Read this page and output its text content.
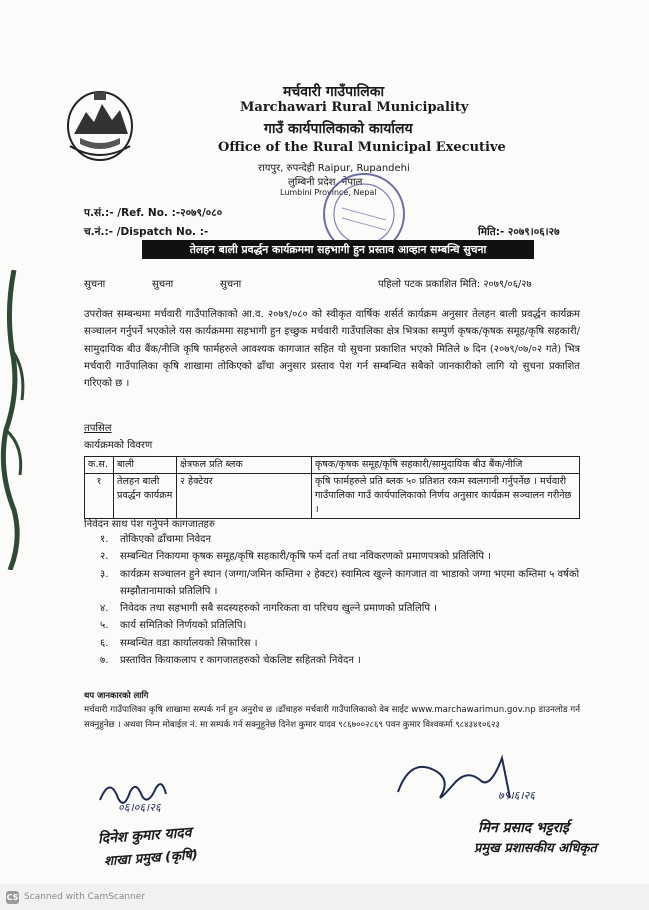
मर्चवारी गाउँपालिका
Marchawari Rural Municipality
गाउँ कार्यपालिकाको कार्यालय
Office of the Rural Municipal Executive
रायपुर, रुपन्देही Raipur, Rupandehi
लुम्बिनी प्रदेश, नेपाल
Lumbini Province, Nepal
प.सं.:- /Ref. No. :-२०७९/०८०
च.नं.:- /Dispatch No. :-	मिति:- २०७९।०६।२७
तेलहन बाली प्रवर्द्धन कार्यक्रममा सहभागी हुन प्रस्ताव आव्हान सम्बन्धि सुचना
सुचना	सुचना	सुचना	पहिलो पटक प्रकाशित मिति: २०७९/०६/२७
उपरोक्त सम्बन्धमा मर्चवारी गाउँपालिकाको आ.व. २०७९/०८० को स्वीकृत वार्षिक शर्सर्त कार्यक्रम अनुसार तेलहन बाली प्रवर्द्धन कार्यक्रम सञ्चालन गर्नुपर्ने भएकोले यस कार्यक्रममा सहभागी हुन इच्छुक मर्चवारी गाउँपालिका क्षेत्र भित्रका सम्पुर्ण कृषक/कृषक समूह/कृषि सहकारी/सामुदायिक बीउ बैंक/नीजि कृषि फार्महरुले आवश्यक कागजात सहित यो सुचना प्रकाशित भएको मितिले ७ दिन (२०७९/०७/०२ गते) भित्र मर्चवारी गाउँपालिका कृषि शाखामा तोकिएको ढाँचा अनुसार प्रस्ताव पेश गर्न सम्बन्धित सबैको जानकारीको लागि यो सुचना प्रकाशित गरिएको छ ।
तपसिल
कार्यक्रमको विवरण
क.स.	बाली	क्षेत्रफल प्रति ब्लक	कृषक/कृषक समूह/कृषि सहकारी/सामुदायिक बीउ बैंक/नीजि
१	तेलहन बाली प्रवर्द्धन कार्यक्रम	२ हेक्टेयर	कृषि फार्महरुले प्रति ब्लक ५० प्रतिशत रकम स्वलगानी गर्नुपर्नेछ । मर्चवारी गाउँपालिका गाउँ कार्यपालिकाको निर्णय अनुसार कार्यक्रम सञ्चालन गरीनेछ ।
निवेदन साथ पेश गर्नुपर्ने कागजातहरु
१.	तोकिएको ढाँचामा निवेदन
२.	सम्बन्धित निकायमा कृषक समूह/कृषि सहकारी/कृषि फर्म दर्ता तथा नविकरणको प्रमाणपत्रको प्रतिलिपि ।
३.	कार्यक्रम सञ्चालन हुने स्थान (जग्गा/जमिन कम्तिमा २ हेक्टर) स्वामित्व खुल्ने कागजात वा भाडाको जग्गा भएमा कम्तिमा ५ वर्षको सम्झौतानामाको प्रतिलिपि ।
४.	निवेदक तथा सहभागी सबै सदस्यहरुको नागरिकता वा परिचय खुल्ने प्रमाणको प्रतिलिपि ।
५.	कार्य समितिको निर्णयको प्रतिलिपि।
६.	सम्बन्धित वडा कार्यालयको सिफारिस ।
७.	प्रस्तावित कियाकलाप र कागजातहरुको चेकलिष्ट सहितको निवेदन ।
थप जानकारको लागि
मर्चवारी गाउँपालिका कृषि शाखामा सम्पर्क गर्न हुन अनुरोध छ ।ढाँचाहरु मर्चवारी गाउँपालिकाको वेब साईट www.marchawarimun.gov.np डाउनलोड गर्न सक्नुहुनेछ । अथवा निम्न मोबाईल नं. मा सम्पर्क गर्न सक्नुहुनेछ दिनेश कुमार यादव ९८६७००२८६९ पवन कुमार विश्वकर्मा ९८४३४१०६२३
०६।०६।२६
दिनेश कुमार यादव
शाखा प्रमुख (कृषि)
७९।६।२६
मिन प्रसाद भट्टराई
प्रमुख प्रशासकीय अधिकृत
CS Scanned with CamScanner
